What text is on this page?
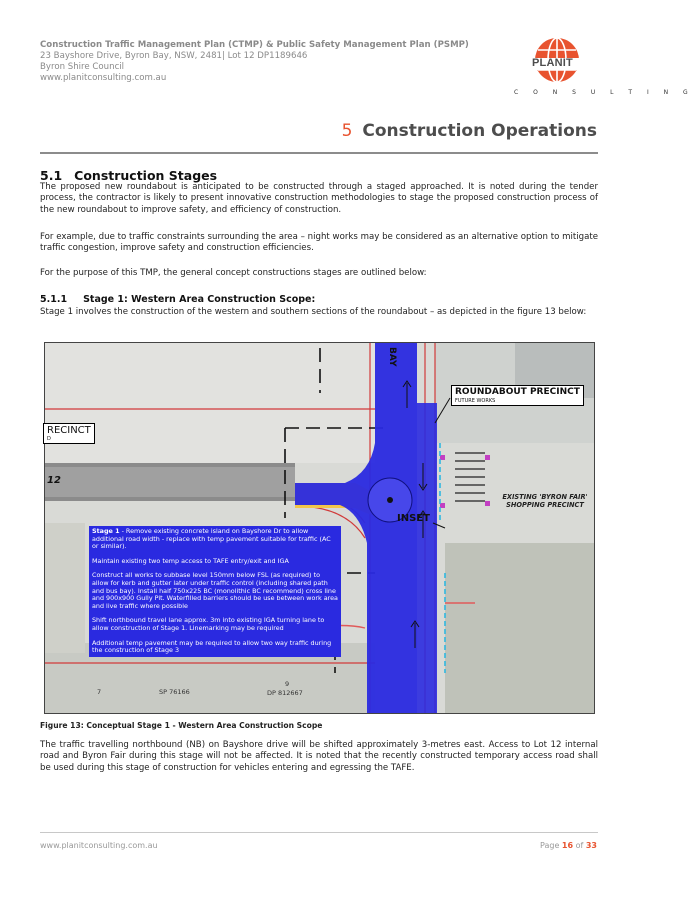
Construction Traffic Management Plan (CTMP) & Public Safety Management Plan (PSMP)
23 Bayshore Drive, Byron Bay, NSW, 2481| Lot 12 DP1189646
Byron Shire Council
www.planitconsulting.com.au
PLANIT
C O N S U L T I N G
5 Construction Operations
5.1 Construction Stages
The proposed new roundabout is anticipated to be constructed through a staged approached. It is noted during the tender process, the contractor is likely to present innovative construction methodologies to stage the proposed construction process of the new roundabout to improve safety, and efficiency of construction.
For example, due to traffic constraints surrounding the area – night works may be considered as an alternative option to mitigate traffic congestion, improve safety and construction efficiencies.
For the purpose of this TMP, the general concept constructions stages are outlined below:
5.1.1 Stage 1: Western Area Construction Scope:
Stage 1 involves the construction of the western and southern sections of the roundabout – as depicted in the figure 13 below:
ROUNDABOUT PRECINCT
FUTURE WORKS
RECINCT
D
12
INSET
BAY
EXISTING 'BYRON FAIR'
SHOPPING PRECINCT

Stage 1 - Remove existing concrete island on Bayshore Dr to allow additional road width - replace with temp pavement suitable for traffic (AC or similar).

Maintain existing two temp access to TAFE entry/exit and IGA

Construct all works to subbase level 150mm below FSL (as required) to allow for kerb and gutter later under traffic control (including shared path and bus bay). Install half 750x225 BC (monolithic BC recommend) cross line and 900x900 Gully Pit. Waterfilled barriers should be use between work area and live traffic where possible

Shift northbound travel lane approx. 3m into existing IGA turning lane to allow construction of Stage 1. Linemarking may be required

Additional temp pavement may be required to allow two way traffic during the construction of Stage 3

7	SP 76166
9
DP 812667
Figure 13: Conceptual Stage 1 - Western Area Construction Scope
The traffic travelling northbound (NB) on Bayshore drive will be shifted approximately 3-metres east. Access to Lot 12 internal road and Byron Fair during this stage will not be affected. It is noted that the recently constructed temporary access road shall be used during this stage of construction for vehicles entering and egressing the TAFE.
www.planitconsulting.com.au	Page 16 of 33
